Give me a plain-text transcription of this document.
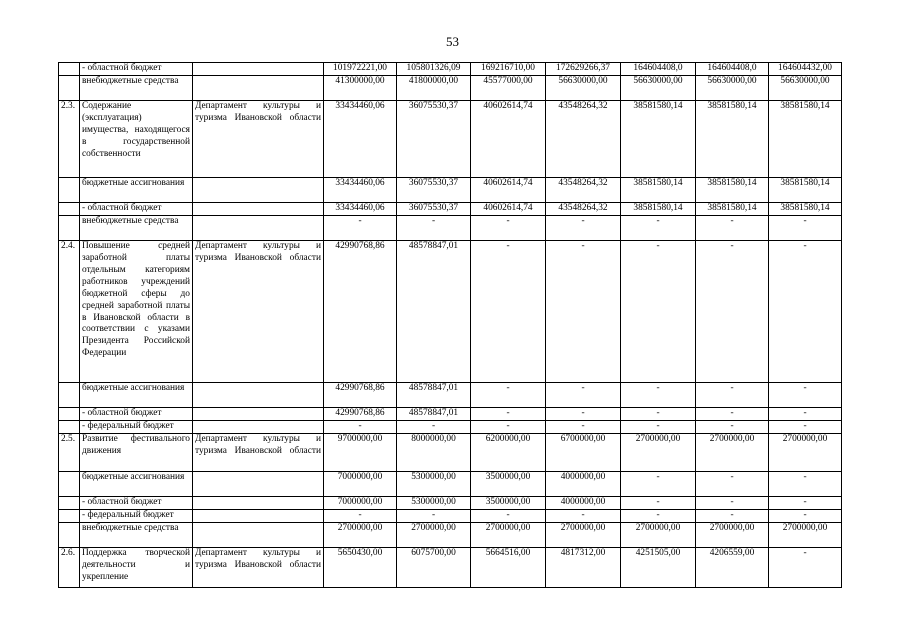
53
	- областной бюджет		101972221,00	105801326,09	169216710,00	172629266,37	164604408,0	164604408,0	164604432,00
	внебюджетные средства		41300000,00	41800000,00	45577000,00	56630000,00	56630000,00	56630000,00	56630000,00
2.3.	Содержание (эксплуатация) имущества, находящегося в государственной собственности	Департамент культуры и туризма Ивановской области	33434460,06	36075530,37	40602614,74	43548264,32	38581580,14	38581580,14	38581580,14
	бюджетные ассигнования		33434460,06	36075530,37	40602614,74	43548264,32	38581580,14	38581580,14	38581580,14
	- областной бюджет		33434460,06	36075530,37	40602614,74	43548264,32	38581580,14	38581580,14	38581580,14
	внебюджетные средства		-	-	-	-	-	-	-
2.4.	Повышение средней заработной платы отдельным категориям работников учреждений бюджетной сферы до средней заработной платы в Ивановской области в соответствии с указами Президента Российской Федерации	Департамент культуры и туризма Ивановской области	42990768,86	48578847,01	-	-	-	-	-
	бюджетные ассигнования		42990768,86	48578847,01	-	-	-	-	-
	- областной бюджет		42990768,86	48578847,01	-	-	-	-	-
	- федеральный бюджет		-	-	-	-	-	-	-
2.5.	Развитие фестивального движения	Департамент культуры и туризма Ивановской области	9700000,00	8000000,00	6200000,00	6700000,00	2700000,00	2700000,00	2700000,00
	бюджетные ассигнования		7000000,00	5300000,00	3500000,00	4000000,00	-	-	-
	- областной бюджет		7000000,00	5300000,00	3500000,00	4000000,00	-	-	-
	- федеральный бюджет		-	-	-	-	-	-	-
	внебюджетные средства		2700000,00	2700000,00	2700000,00	2700000,00	2700000,00	2700000,00	2700000,00
2.6.	Поддержка творческой деятельности и укрепление	Департамент культуры и туризма Ивановской области	5650430,00	6075700,00	5664516,00	4817312,00	4251505,00	4206559,00	-
